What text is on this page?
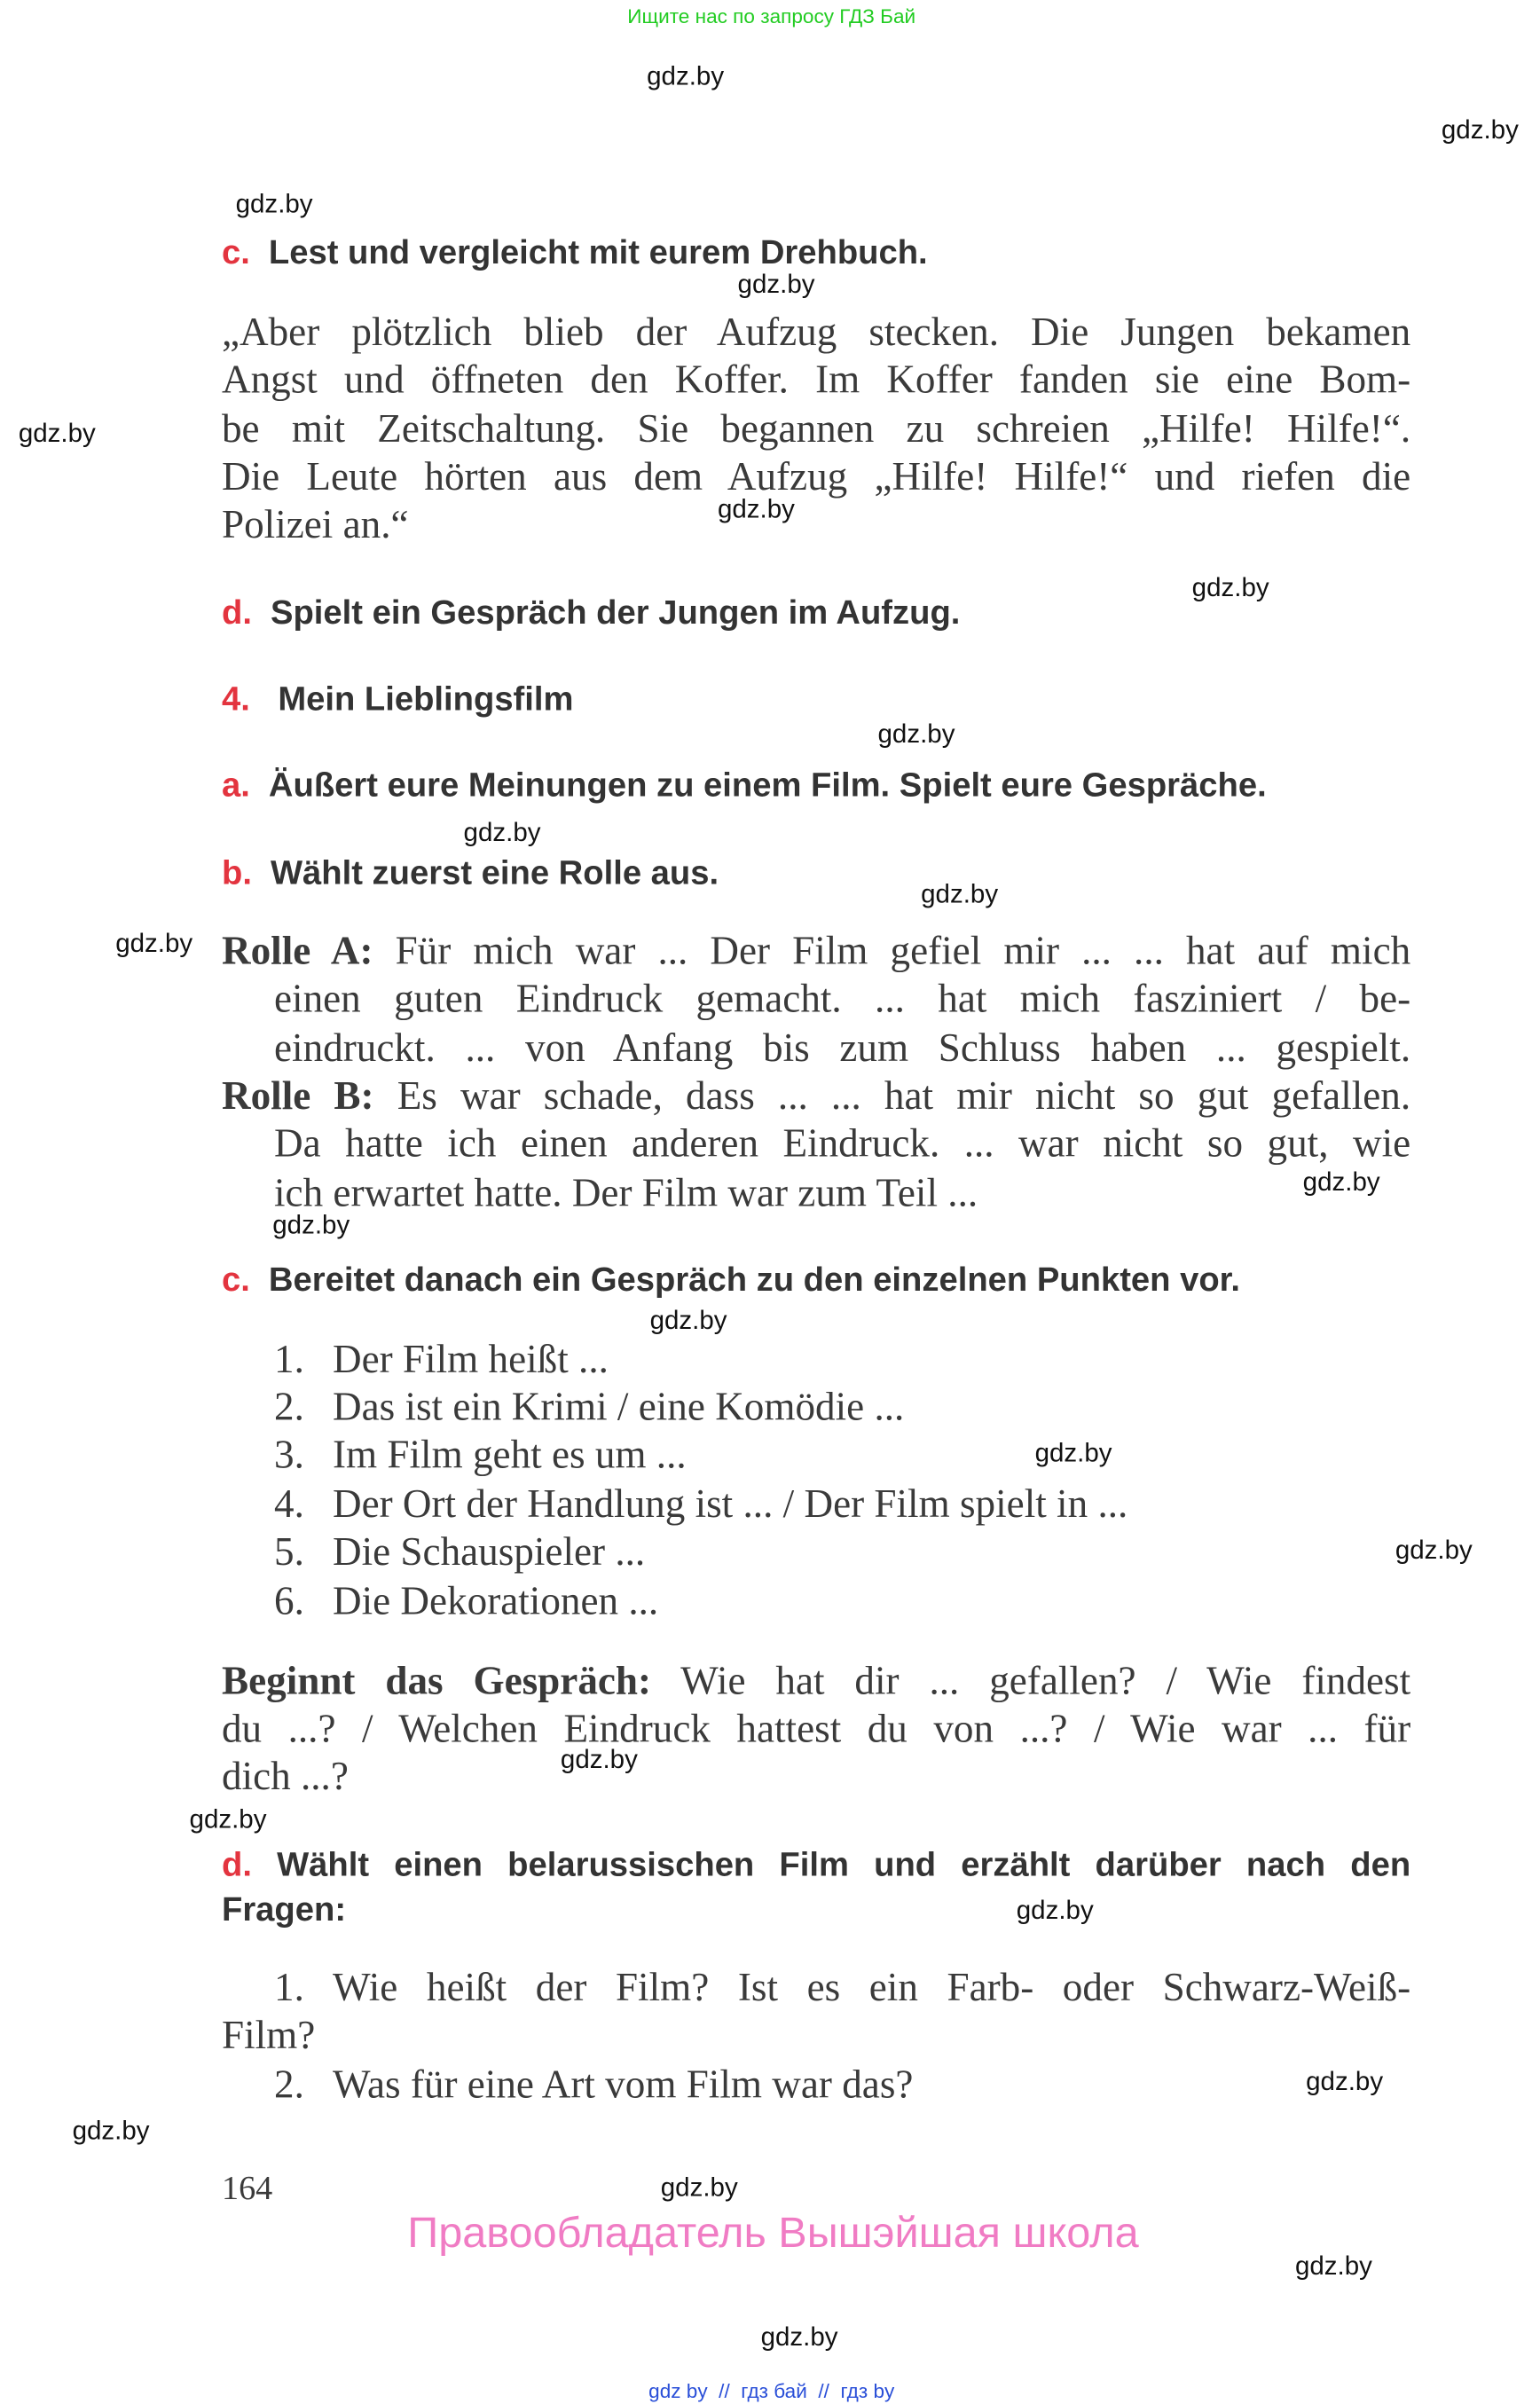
Ищите нас по запросу ГДЗ Бай
gdz.by
gdz.by
gdz.by
gdz.by
gdz.by
gdz.by
gdz.by
gdz.by
gdz.by
gdz.by
gdz.by
gdz.by
gdz.by
gdz.by
gdz.by
gdz.by
gdz.by
gdz.by
gdz.by
gdz.by
gdz.by
gdz.by
gdz.by
gdz.by
c. Lest und vergleicht mit eurem Drehbuch.
„Aber plötzlich blieb der Aufzug stecken. Die Jungen bekamen
Angst und öffneten den Koffer. Im Koffer fanden sie eine Bom-
be mit Zeitschaltung. Sie begannen zu schreien „Hilfe! Hilfe!“.
Die Leute hörten aus dem Aufzug „Hilfe! Hilfe!“ und riefen die
Polizei an.“
d. Spielt ein Gespräch der Jungen im Aufzug.
4. Mein Lieblingsfilm
a. Äußert eure Meinungen zu einem Film. Spielt eure Gespräche.
b. Wählt zuerst eine Rolle aus.
Rolle A: Für mich war ... Der Film gefiel mir ... ... hat auf mich
einen guten Eindruck gemacht. ... hat mich fasziniert / be-
eindruckt. ... von Anfang bis zum Schluss haben ... gespielt.
Rolle B: Es war schade, dass ... ... hat mir nicht so gut gefallen.
Da hatte ich einen anderen Eindruck. ... war nicht so gut, wie
ich erwartet hatte. Der Film war zum Teil ...
c. Bereitet danach ein Gespräch zu den einzelnen Punkten vor.
1. Der Film heißt ...
2. Das ist ein Krimi / eine Komödie ...
3. Im Film geht es um ...
4. Der Ort der Handlung ist ... / Der Film spielt in ...
5. Die Schauspieler ...
6. Die Dekorationen ...
Beginnt das Gespräch: Wie hat dir ... gefallen? / Wie findest
du ...? / Welchen Eindruck hattest du von ...? / Wie war ... für
dich ...?
d. Wählt einen belarussischen Film und erzählt darüber nach den
Fragen:
1. Wie heißt der Film? Ist es ein Farb- oder Schwarz-Weiß-
Film?
2. Was für eine Art vom Film war das?
164
Правообладатель Вышэйшая школа
gdz by  //  гдз бай  //  гдз by
